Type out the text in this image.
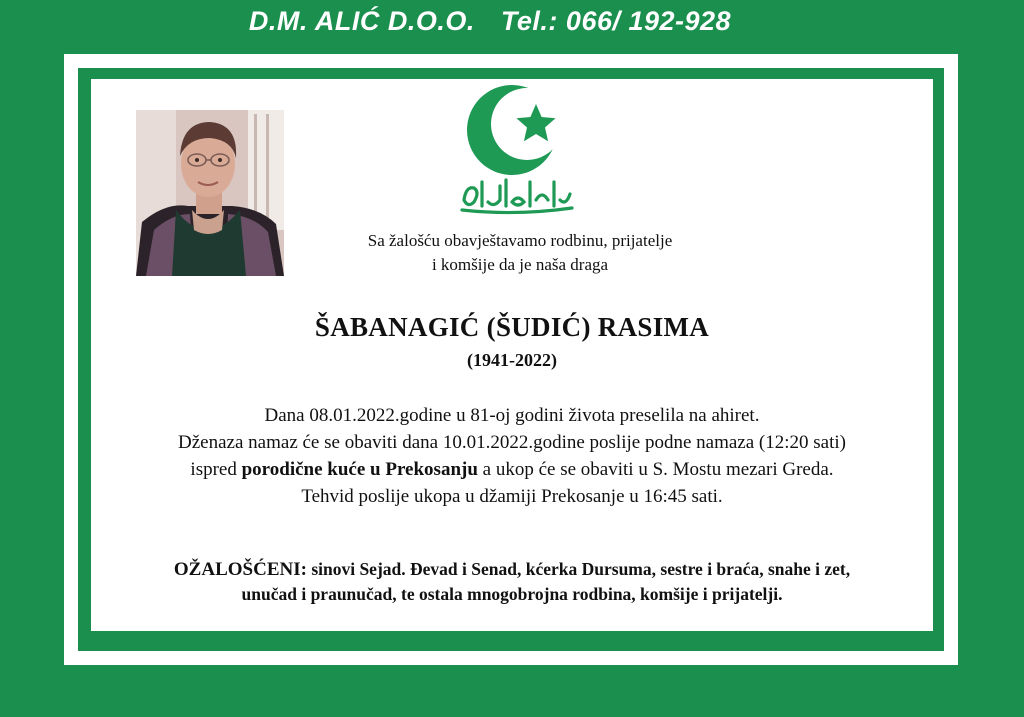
D.M. ALIĆ D.O.O. Tel.: 066/ 192-928
Sa žalošću obavještavamo rodbinu, prijatelje
i komšije da je naša draga
ŠABANAGIĆ (ŠUDIĆ) RASIMA
(1941-2022)
Dana 08.01.2022.godine u 81-oj godini života preselila na ahiret.
Dženaza namaz će se obaviti dana 10.01.2022.godine poslije podne namaza (12:20 sati)
ispred porodične kuće u Prekosanju a ukop će se obaviti u S. Mostu mezari Greda.
Tehvid poslije ukopa u džamiji Prekosanje u 16:45 sati.
OŽALOŠĆENI: sinovi Sejad. Đevad i Senad, kćerka Dursuma, sestre i braća, snahe i zet,
unučad i praunučad, te ostala mnogobrojna rodbina, komšije i prijatelji.
